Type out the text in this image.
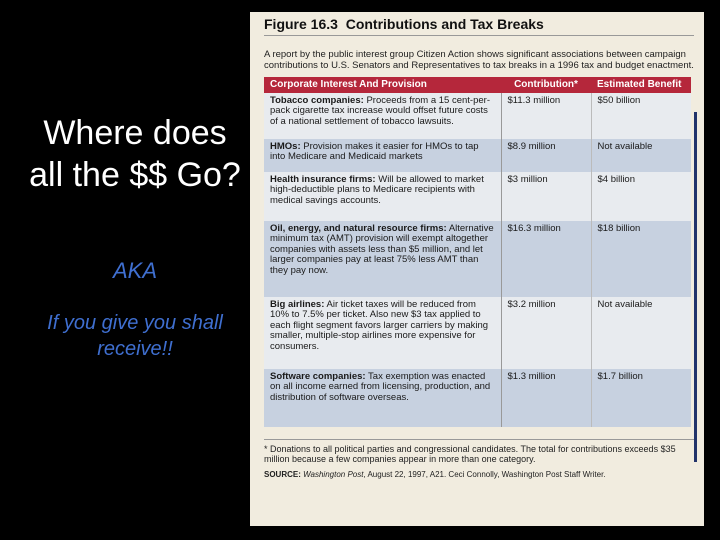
Where does all the $$ Go?
AKA
If you give you shall receive!!
Figure 16.3 Contributions and Tax Breaks
A report by the public interest group Citizen Action shows significant associations between campaign contributions to U.S. Senators and Representatives to tax breaks in a 1996 tax and budget enactment.
Corporate Interest And Provision	Contribution*	Estimated Benefit
Tobacco companies: Proceeds from a 15 cent-per-pack cigarette tax increase would offset future costs of a national settlement of tobacco lawsuits.	$11.3 million	$50 billion
HMOs: Provision makes it easier for HMOs to tap into Medicare and Medicaid markets	$8.9 million	Not available
Health insurance firms: Will be allowed to market high-deductible plans to Medicare recipients with medical savings accounts.	$3 million	$4 billion
Oil, energy, and natural resource firms: Alternative minimum tax (AMT) provision will exempt altogether companies with assets less than $5 million, and let larger companies pay at least 75% less AMT than they pay now.	$16.3 million	$18 billion
Big airlines: Air ticket taxes will be reduced from 10% to 7.5% per ticket. Also new $3 tax applied to each flight segment favors larger carriers by making smaller, multiple-stop airlines more expensive for consumers.	$3.2 million	Not available
Software companies: Tax exemption was enacted on all income earned from licensing, production, and distribution of software overseas.	$1.3 million	$1.7 billion
* Donations to all political parties and congressional candidates. The total for contributions exceeds $35 million because a few companies appear in more than one category.
SOURCE: Washington Post, August 22, 1997, A21. Ceci Connolly, Washington Post Staff Writer.
